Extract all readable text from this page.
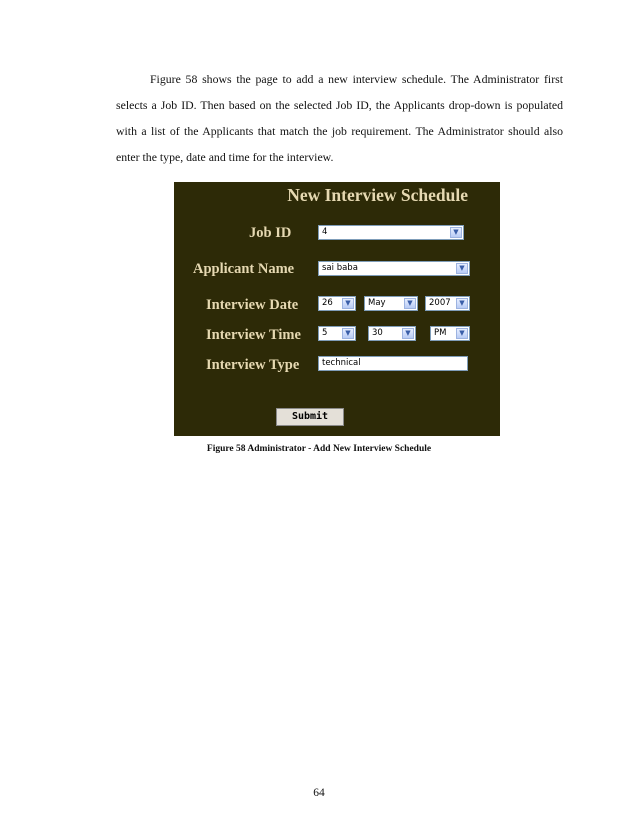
Figure 58 shows the page to add a new interview schedule. The Administrator first selects a Job ID. Then based on the selected Job ID, the Applicants drop-down is populated with a list of the Applicants that match the job requirement. The Administrator should also enter the type, date and time for the interview.
New Interview Schedule
Job ID	4	▼
Applicant Name	sai baba	▼
Interview Date	26	▼	May	▼	2007	▼
Interview Time	5	▼	30	▼	PM	▼
Interview Type	technical
Submit
Figure 58 Administrator - Add New Interview Schedule
64
